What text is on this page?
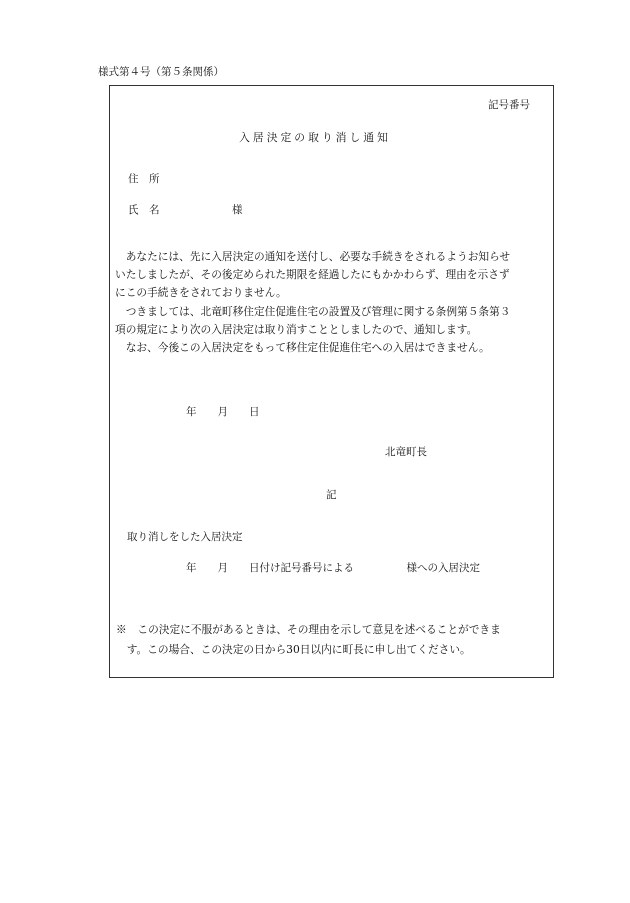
様式第４号（第５条関係）
記号番号
入居決定の取り消し通知
住　所
氏　名	様
　あなたには、先に入居決定の通知を送付し、必要な手続きをされるようお知らせ
いたしましたが、その後定められた期限を経過したにもかかわらず、理由を示さず
にこの手続きをされておりません。
　つきましては、北竜町移住定住促進住宅の設置及び管理に関する条例第５条第３
項の規定により次の入居決定は取り消すこととしましたので、通知します。
　なお、今後この入居決定をもって移住定住促進住宅への入居はできません。
年　　月　　日
北竜町長
記
取り消しをした入居決定
年　　月　　日付け記号番号による　　　　　様への入居決定
※　この決定に不服があるときは、その理由を示して意見を述べることができま
　す。この場合、この決定の日から30日以内に町長に申し出てください。
